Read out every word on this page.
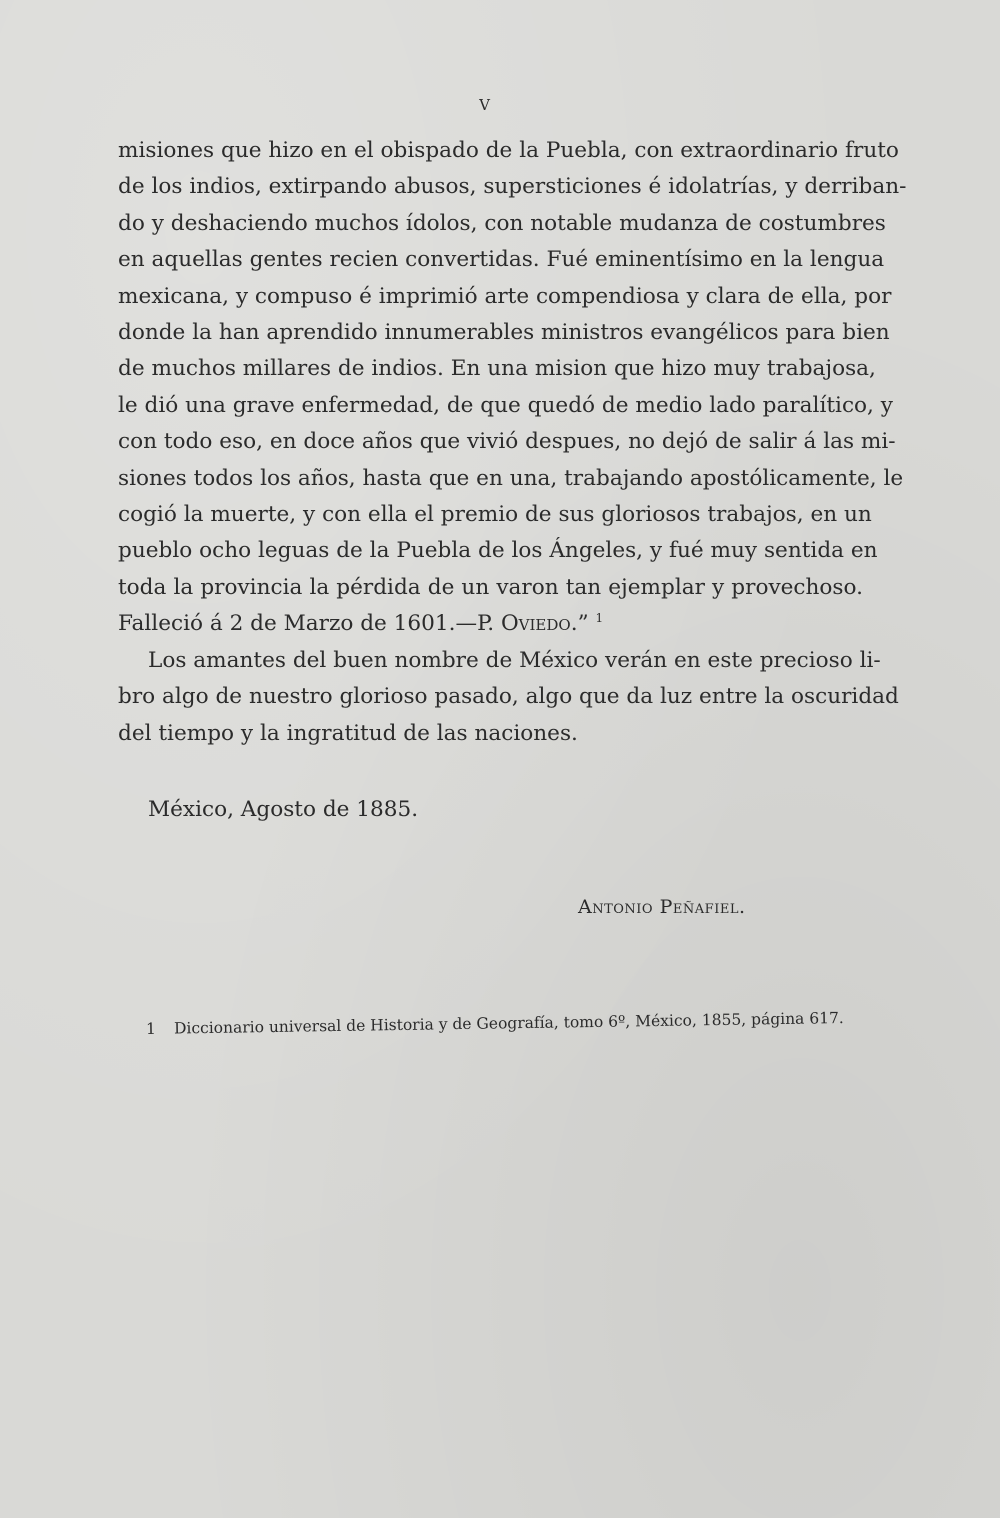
V
misiones que hizo en el obispado de la Puebla, con extraordinario fruto
de los indios, extirpando abusos, supersticiones é idolatrías, y derriban-
do y deshaciendo muchos ídolos, con notable mudanza de costumbres
en aquellas gentes recien convertidas. Fué eminentísimo en la lengua
mexicana, y compuso é imprimió arte compendiosa y clara de ella, por
donde la han aprendido innumerables ministros evangélicos para bien
de muchos millares de indios. En una mision que hizo muy trabajosa,
le dió una grave enfermedad, de que quedó de medio lado paralítico, y
con todo eso, en doce años que vivió despues, no dejó de salir á las mi-
siones todos los años, hasta que en una, trabajando apostólicamente, le
cogió la muerte, y con ella el premio de sus gloriosos trabajos, en un
pueblo ocho leguas de la Puebla de los Ángeles, y fué muy sentida en
toda la provincia la pérdida de un varon tan ejemplar y provechoso.
Falleció á 2 de Marzo de 1601.—P. Oviedo.” $^1$
Los amantes del buen nombre de México verán en este precioso li-
bro algo de nuestro glorioso pasado, algo que da luz entre la oscuridad
del tiempo y la ingratitud de las naciones.
México, Agosto de 1885.
Antonio Peñafiel.
1 Diccionario universal de Historia y de Geografía, tomo 6º, México, 1855, página 617.
